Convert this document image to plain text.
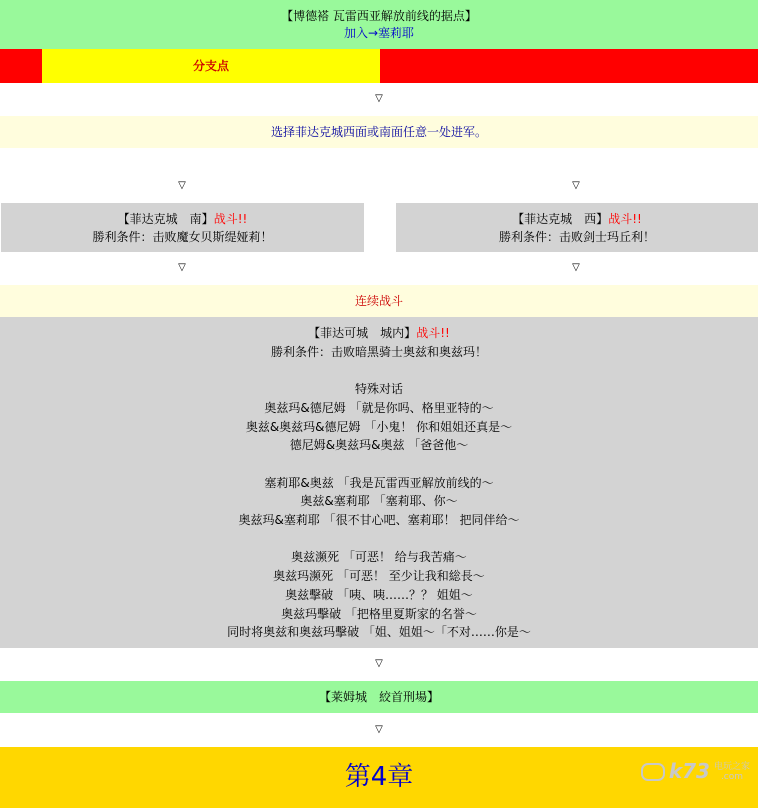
【博德褡 瓦雷西亚解放前线的据点】
加入→塞莉耶
分支点
▽
选择菲达克城西面或南面任意一处进军。
▽	▽
【菲达克城　南】战斗!!
勝利条件：击败魔女贝斯缇娅莉！
【菲达克城　西】战斗!!
勝利条件：击败剑士玛丘利！
▽	▽
连续战斗
【菲达可城　城内】战斗!!
勝利条件：击败暗黑骑士奥兹和奥兹玛！
特殊对话
奥兹玛&德尼姆 「就是你吗、格里亚特的～
奥兹&奥兹玛&德尼姆 「小鬼！ 你和姐姐还真是～
德尼姆&奥兹玛&奥兹 「爸爸他～
塞莉耶&奥兹 「我是瓦雷西亚解放前线的～
奥兹&塞莉耶 「塞莉耶、你～
奥兹玛&塞莉耶 「很不甘心吧、塞莉耶！ 把同伴给～
奥兹濒死 「可恶！ 给与我苦痛～
奥兹玛濒死 「可恶！ 至少让我和総長～
奥兹擊破 「咦、咦……？？ 姐姐～
奥兹玛擊破 「把格里夏斯家的名誉～
同时将奥兹和奥兹玛擊破 「姐、姐姐～「不对……你是～
▽
【莱姆城　絞首刑場】
▽
第4章	k73 电玩之家
.com
